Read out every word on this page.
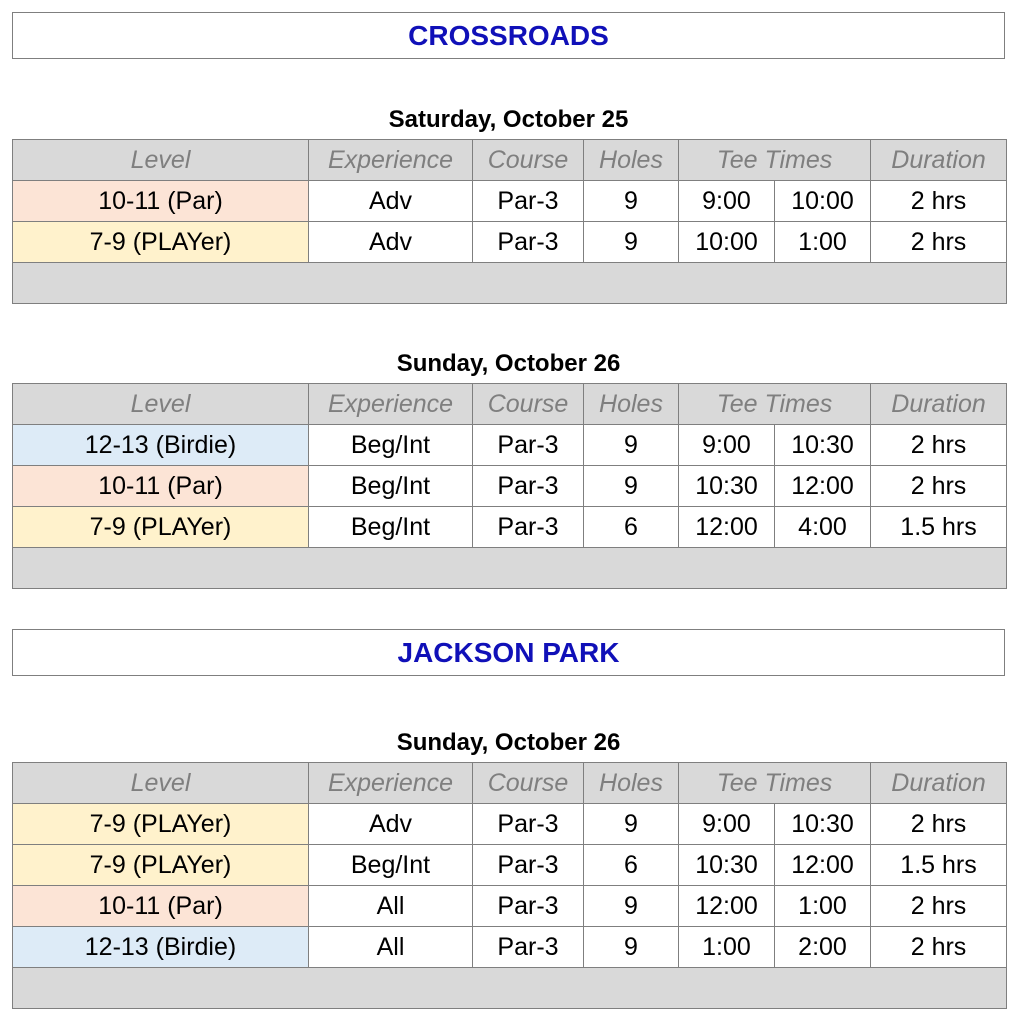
CROSSROADS
Saturday, October 25
Level	Experience	Course	Holes	Tee Times		Duration
10-11 (Par)	Adv	Par-3	9	9:00	10:00	2 hrs
7-9 (PLAYer)	Adv	Par-3	9	10:00	1:00	2 hrs

Sunday, October 26
Level	Experience	Course	Holes	Tee Times		Duration
12-13 (Birdie)	Beg/Int	Par-3	9	9:00	10:30	2 hrs
10-11 (Par)	Beg/Int	Par-3	9	10:30	12:00	2 hrs
7-9 (PLAYer)	Beg/Int	Par-3	6	12:00	4:00	1.5 hrs

JACKSON PARK
Sunday, October 26
Level	Experience	Course	Holes	Tee Times		Duration
7-9 (PLAYer)	Adv	Par-3	9	9:00	10:30	2 hrs
7-9 (PLAYer)	Beg/Int	Par-3	6	10:30	12:00	1.5 hrs
10-11 (Par)	All	Par-3	9	12:00	1:00	2 hrs
12-13 (Birdie)	All	Par-3	9	1:00	2:00	2 hrs
